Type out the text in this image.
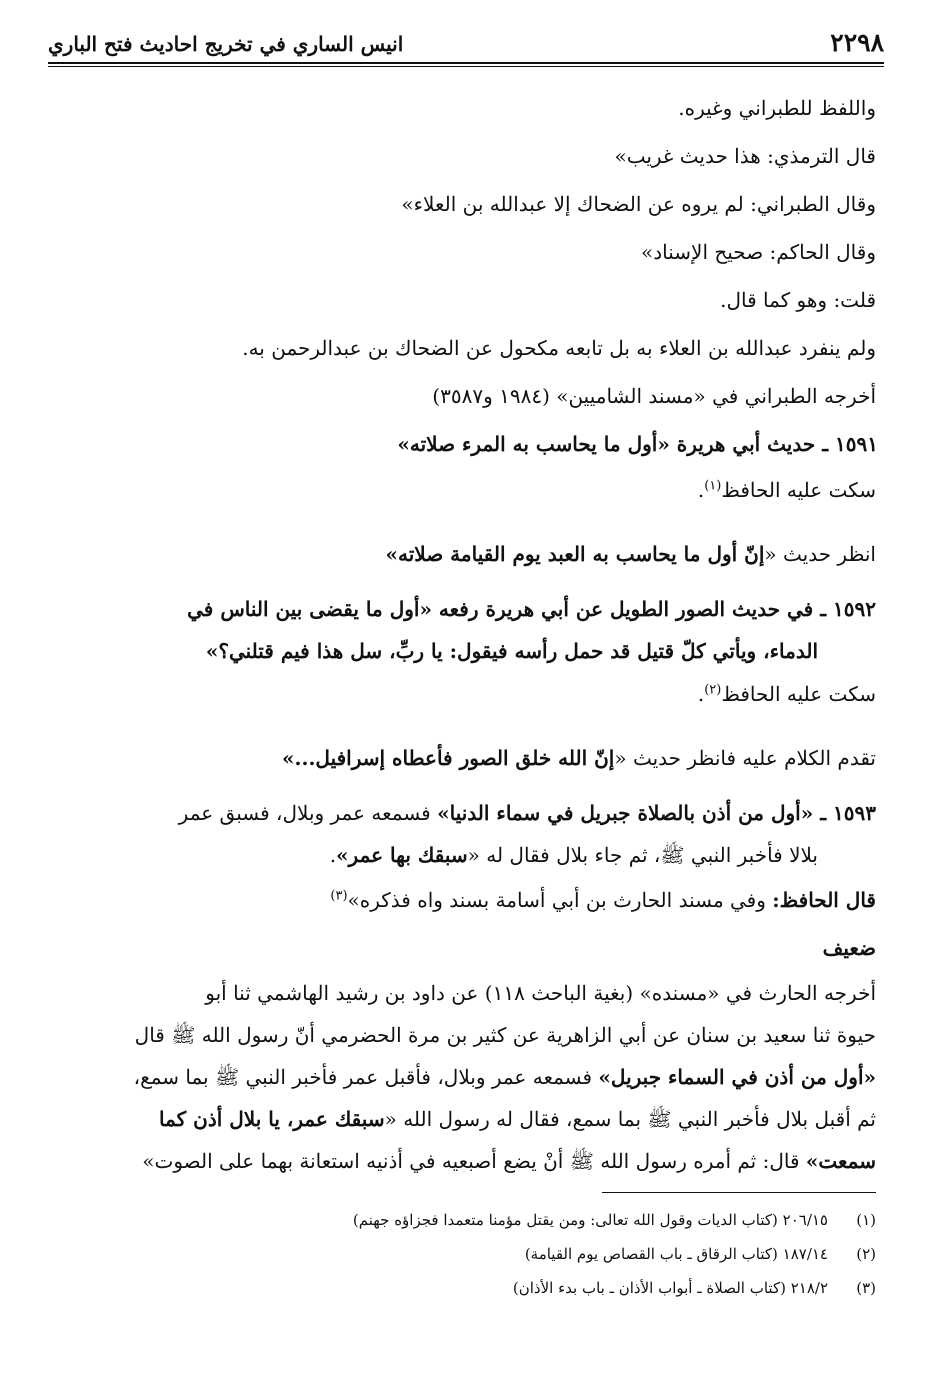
٢٢٩٨
انيس الساري في تخريج احاديث فتح الباري
واللفظ للطبراني وغيره.
قال الترمذي: هذا حديث غريب»
وقال الطبراني: لم يروه عن الضحاك إلا عبدالله بن العلاء»
وقال الحاكم: صحيح الإسناد»
قلت: وهو كما قال.
ولم ينفرد عبدالله بن العلاء به بل تابعه مكحول عن الضحاك بن عبدالرحمن به.
أخرجه الطبراني في «مسند الشاميين» (١٩٨٤ و٣٥٨٧)
١٥٩١ ـ حديث أبي هريرة «أول ما يحاسب به المرء صلاته»
سكت عليه الحافظ$^{(١)}$.
انظر حديث «إنّ أول ما يحاسب به العبد يوم القيامة صلاته»
١٥٩٢ ـ في حديث الصور الطويل عن أبي هريرة رفعه «أول ما يقضى بين الناس في
الدماء، ويأتي كلّ قتيل قد حمل رأسه فيقول: يا ربِّ، سل هذا فيم قتلني؟»
سكت عليه الحافظ$^{(٢)}$.
تقدم الكلام عليه فانظر حديث «إنّ الله خلق الصور فأعطاه إسرافيل...»
١٥٩٣ ـ «أول من أذن بالصلاة جبريل في سماء الدنيا» فسمعه عمر وبلال، فسبق عمر
بلالا فأخبر النبي ﷺ، ثم جاء بلال فقال له «سبقك بها عمر».
قال الحافظ: وفي مسند الحارث بن أبي أسامة بسند واه فذكره»$^{(٣)}$
ضعيف
أخرجه الحارث في «مسنده» (بغية الباحث ١١٨) عن داود بن رشيد الهاشمي ثنا أبو
حيوة ثنا سعيد بن سنان عن أبي الزاهرية عن كثير بن مرة الحضرمي أنّ رسول الله ﷺ قال
«أول من أذن في السماء جبريل» فسمعه عمر وبلال، فأقبل عمر فأخبر النبي ﷺ بما سمع،
ثم أقبل بلال فأخبر النبي ﷺ بما سمع، فقال له رسول الله «سبقك عمر، يا بلال أذن كما
سمعت» قال: ثم أمره رسول الله ﷺ أنْ يضع أصبعيه في أذنيه استعانة بهما على الصوت»
(١)٢٠٦/١٥ (كتاب الديات وقول الله تعالى: ومن يقتل مؤمنا متعمدا فجزاؤه جهنم)
(٢)١٨٧/١٤ (كتاب الرقاق ـ باب القصاص يوم القيامة)
(٣)٢١٨/٢ (كتاب الصلاة ـ أبواب الأذان ـ باب بدء الأذان)
